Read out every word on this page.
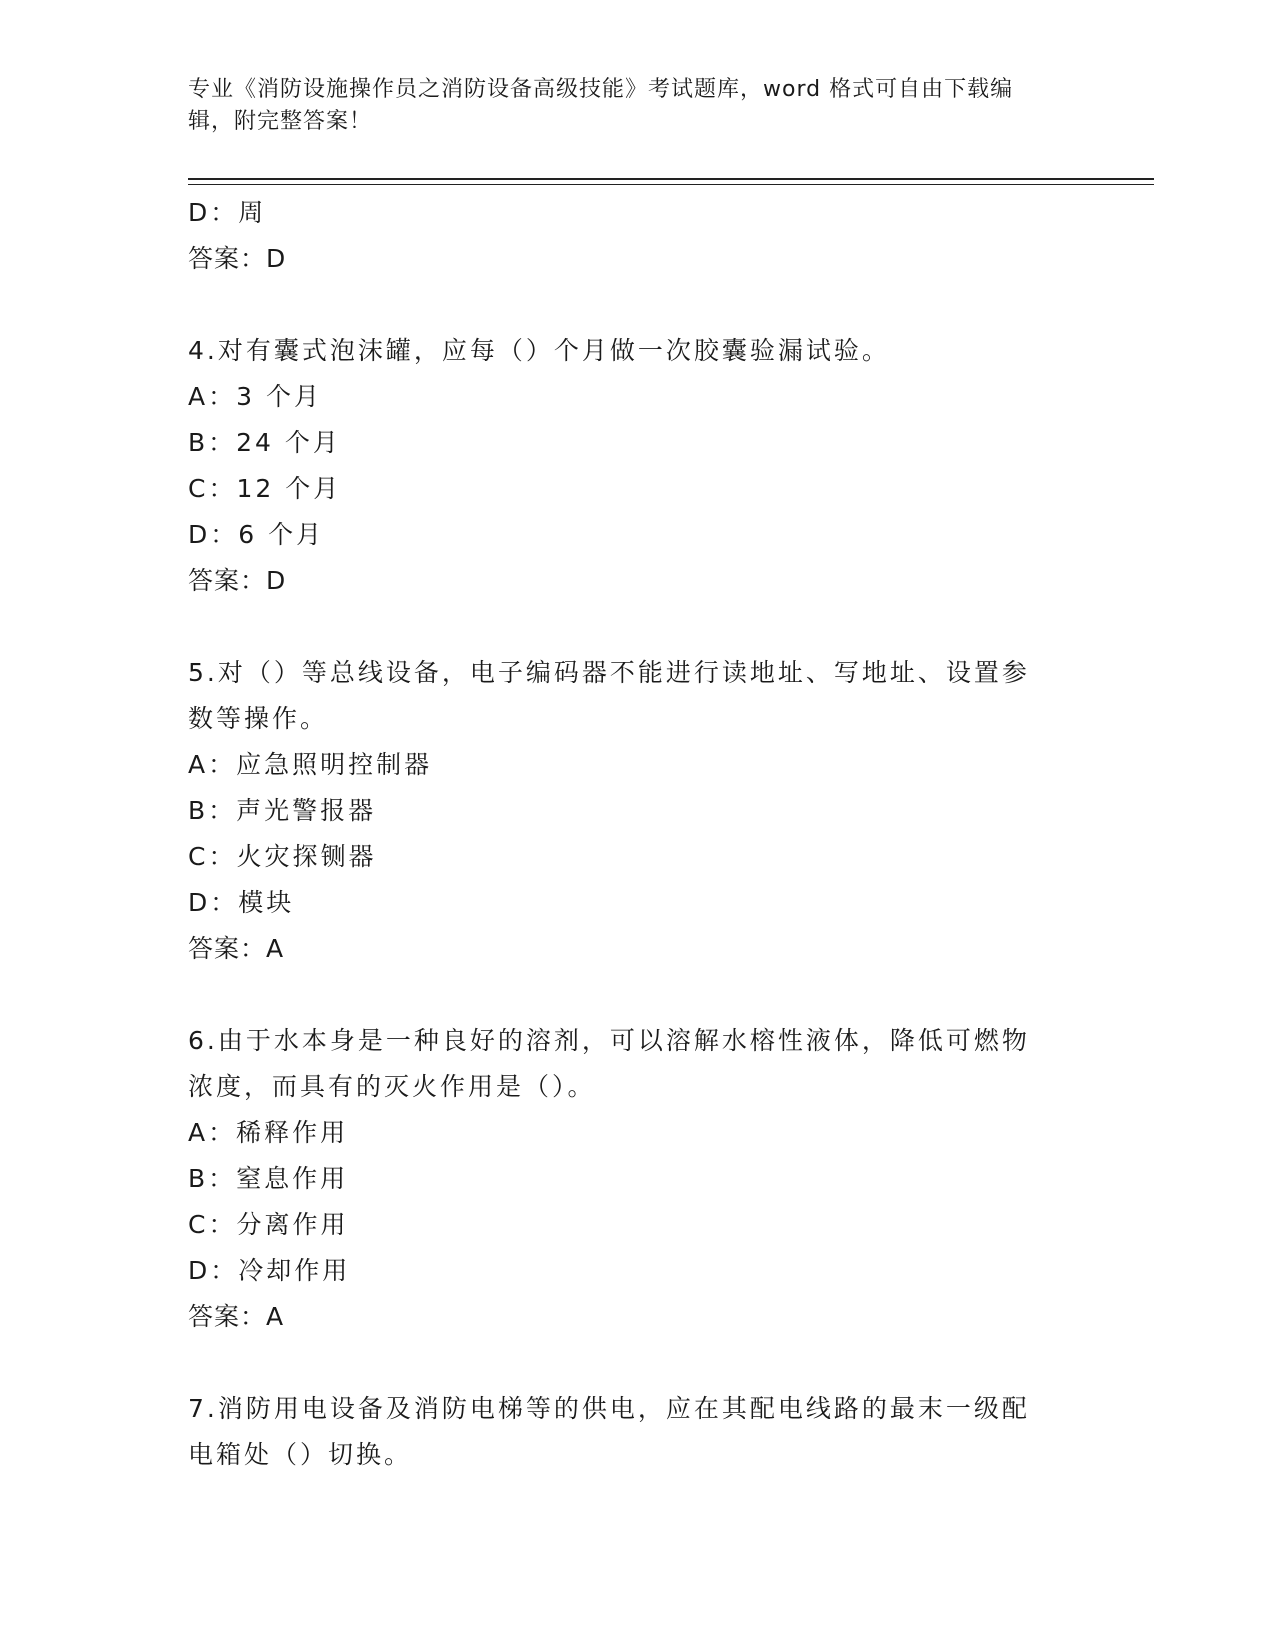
专业《消防设施操作员之消防设备高级技能》考试题库，word 格式可自由下载编
辑，附完整答案！
D：周
答案：D
4.对有囊式泡沫罐，应每（）个月做一次胶囊验漏试验。
A：3 个月
B：24 个月
C：12 个月
D：6 个月
答案：D
5.对（）等总线设备，电子编码器不能进行读地址、写地址、设置参
数等操作。
A：应急照明控制器
B：声光警报器
C：火灾探铡器
D：模块
答案：A
6.由于水本身是一种良好的溶剂，可以溶解水榕性液体，降低可燃物
浓度，而具有的灭火作用是（）。
A：稀释作用
B：窒息作用
C：分离作用
D：冷却作用
答案：A
7.消防用电设备及消防电梯等的供电，应在其配电线路的最末一级配
电箱处（）切换。
